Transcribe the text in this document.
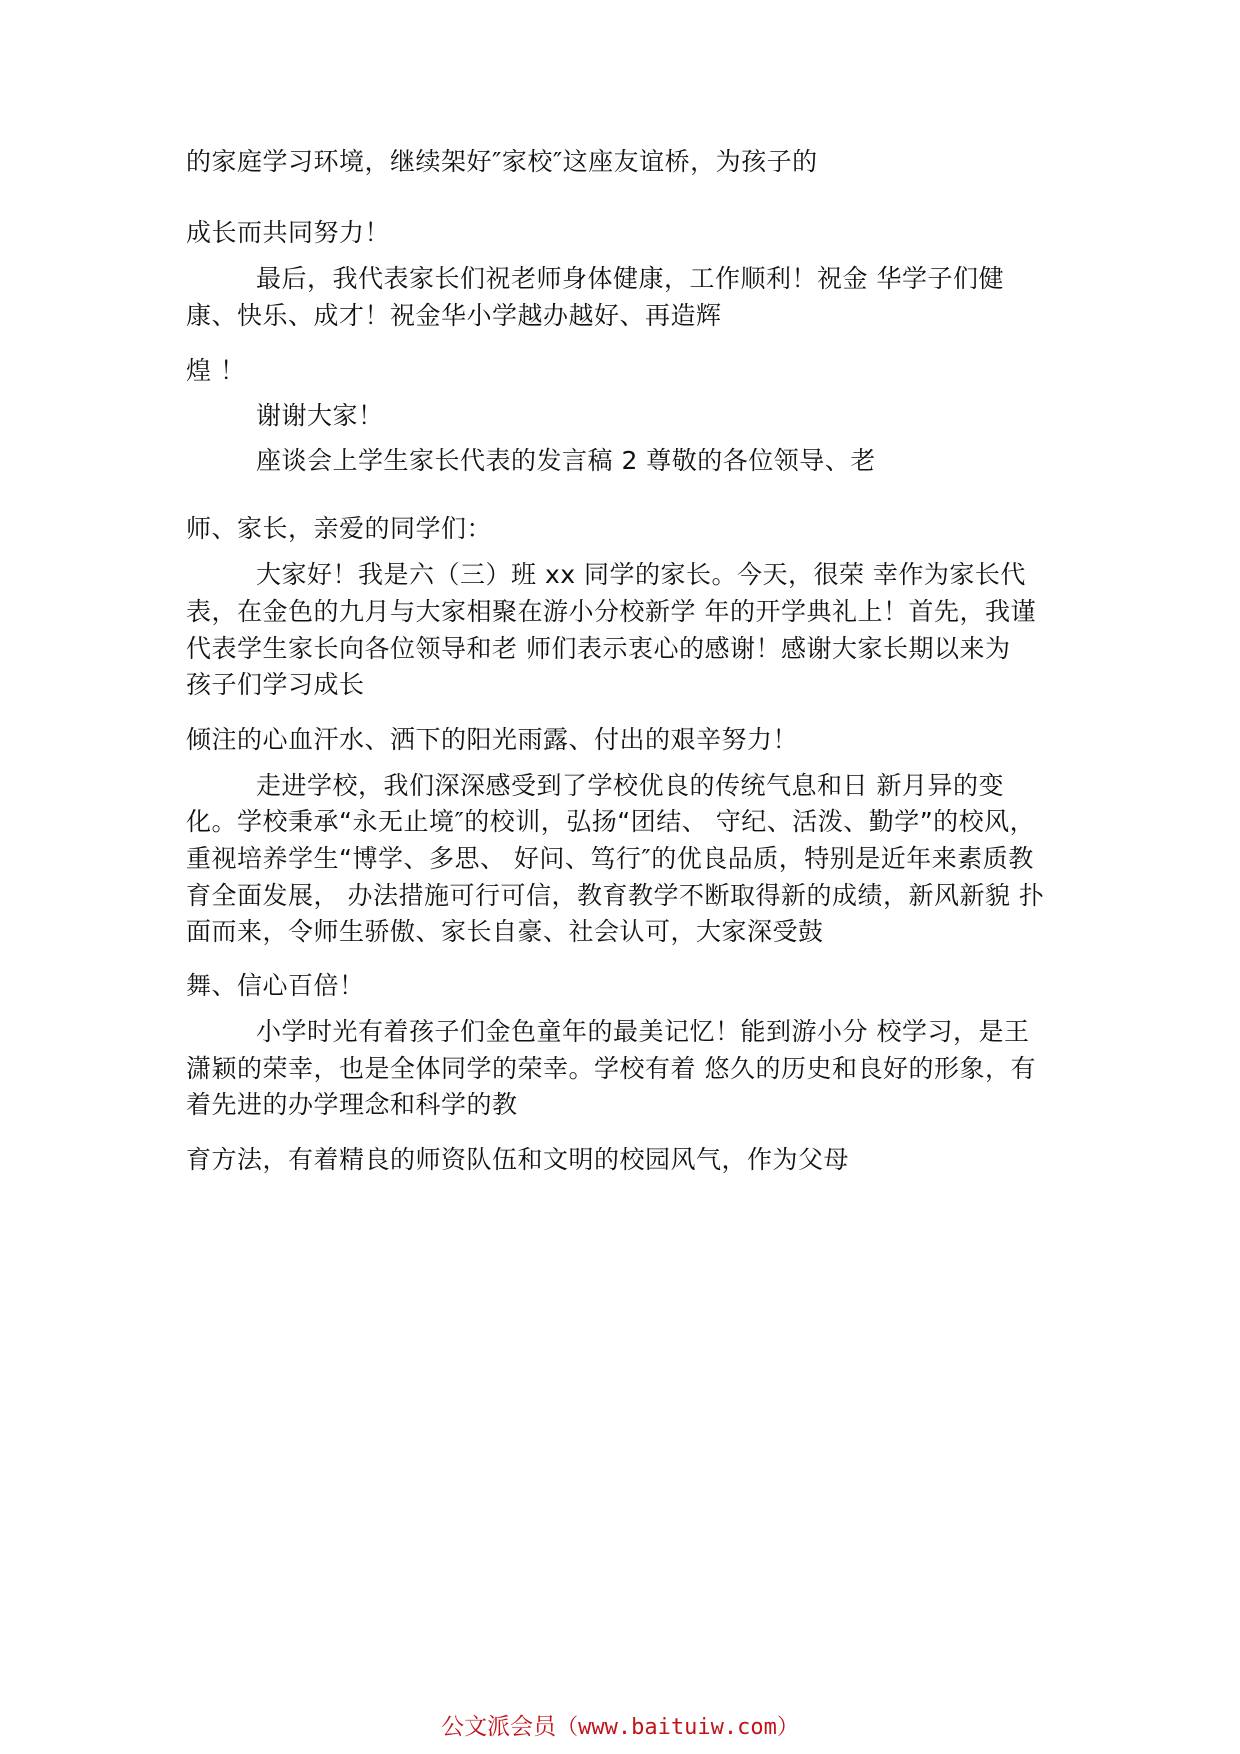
的家庭学习环境，继续架好″家校″这座友谊桥，为孩子的
成长而共同努力！
最后，我代表家长们祝老师身体健康，工作顺利！祝金 华学子们健
康、快乐、成才！祝金华小学越办越好、再造辉
煌 ！
谢谢大家！
座谈会上学生家长代表的发言稿 2 尊敬的各位领导、老
师、家长，亲爱的同学们：
大家好！我是六（三）班 xx 同学的家长。今天，很荣 幸作为家长代
表，在金色的九月与大家相聚在游小分校新学 年的开学典礼上！首先，我谨
代表学生家长向各位领导和老 师们表示衷心的感谢！感谢大家长期以来为
孩子们学习成长
倾注的心血汗水、洒下的阳光雨露、付出的艰辛努力！
走进学校，我们深深感受到了学校优良的传统气息和日 新月异的变
化。学校秉承“永无止境″的校训，弘扬“团结、 守纪、活泼、勤学”的校风，
重视培养学生“博学、多思、 好问、笃行″的优良品质，特别是近年来素质教
育全面发展， 办法措施可行可信，教育教学不断取得新的成绩，新风新貌 扑
面而来，令师生骄傲、家长自豪、社会认可，大家深受鼓
舞、信心百倍！
小学时光有着孩子们金色童年的最美记忆！能到游小分 校学习，是王
潇颖的荣幸，也是全体同学的荣幸。学校有着 悠久的历史和良好的形象，有
着先进的办学理念和科学的教
育方法，有着精良的师资队伍和文明的校园风气，作为父母
公文派会员（www.baituiw.com）
